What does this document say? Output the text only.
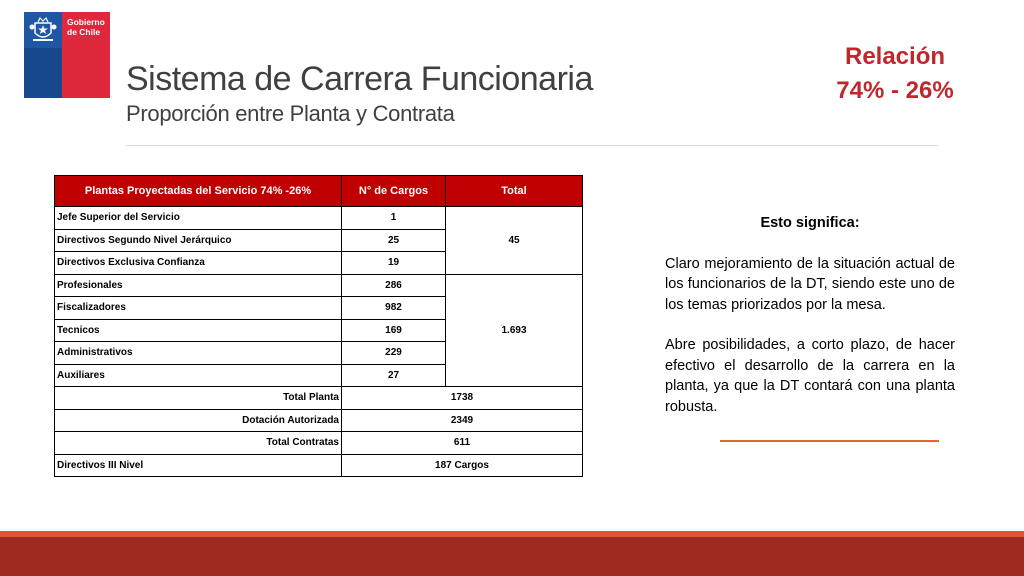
Gobierno
de Chile
Sistema de Carrera Funcionaria
Proporción entre Planta y Contrata
Relación
74% - 26%
Plantas Proyectadas del Servicio 74% -26%	N° de Cargos	Total
Jefe Superior del Servicio	1	45
Directivos Segundo Nivel Jerárquico	25	
Directivos Exclusiva Confianza	19	
Profesionales	286	1.693
Fiscalizadores	982	
Tecnicos	169	
Administrativos	229	
Auxiliares	27	
Total Planta	1738	
Dotación Autorizada	2349	
Total Contratas	611	
Directivos III Nivel	187 Cargos	
Esto significa:

Claro mejoramiento de la situación actual de los funcionarios de la DT, siendo este uno de los temas priorizados por la mesa.

Abre posibilidades, a corto plazo, de hacer efectivo el desarrollo de la carrera en la planta, ya que la DT contará con una planta robusta.
